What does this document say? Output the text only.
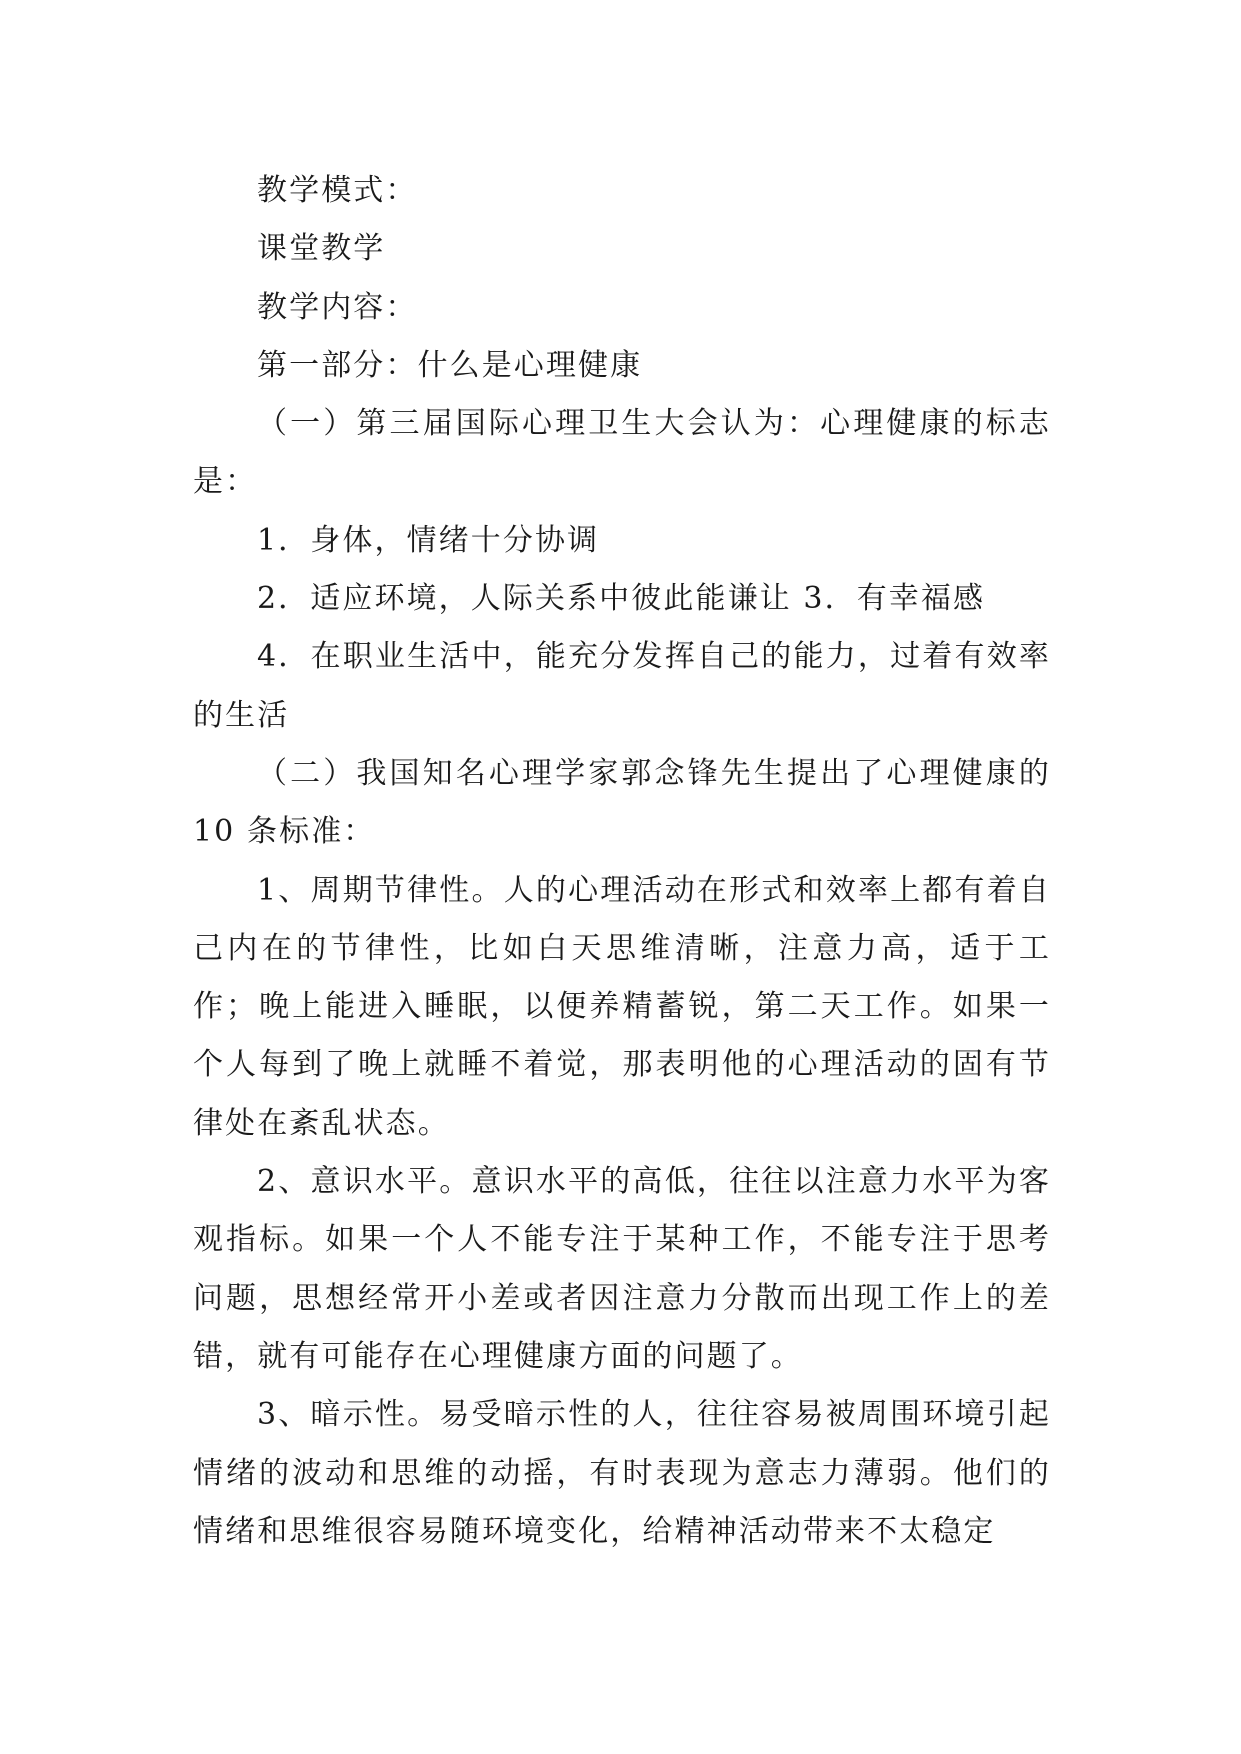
教学模式：

课堂教学

教学内容：

第一部分：什么是心理健康

（一）第三届国际心理卫生大会认为：心理健康的标志是：

1．身体，情绪十分协调

2．适应环境，人际关系中彼此能谦让 3．有幸福感

4．在职业生活中，能充分发挥自己的能力，过着有效率的生活

（二）我国知名心理学家郭念锋先生提出了心理健康的10 条标准：

1、周期节律性。人的心理活动在形式和效率上都有着自己内在的节律性，比如白天思维清晰，注意力高，适于工作；晚上能进入睡眠，以便养精蓄锐，第二天工作。如果一个人每到了晚上就睡不着觉，那表明他的心理活动的固有节律处在紊乱状态。

2、意识水平。意识水平的高低，往往以注意力水平为客观指标。如果一个人不能专注于某种工作，不能专注于思考问题，思想经常开小差或者因注意力分散而出现工作上的差错，就有可能存在心理健康方面的问题了。

3、暗示性。易受暗示性的人，往往容易被周围环境引起情绪的波动和思维的动摇，有时表现为意志力薄弱。他们的情绪和思维很容易随环境变化，给精神活动带来不太稳定
